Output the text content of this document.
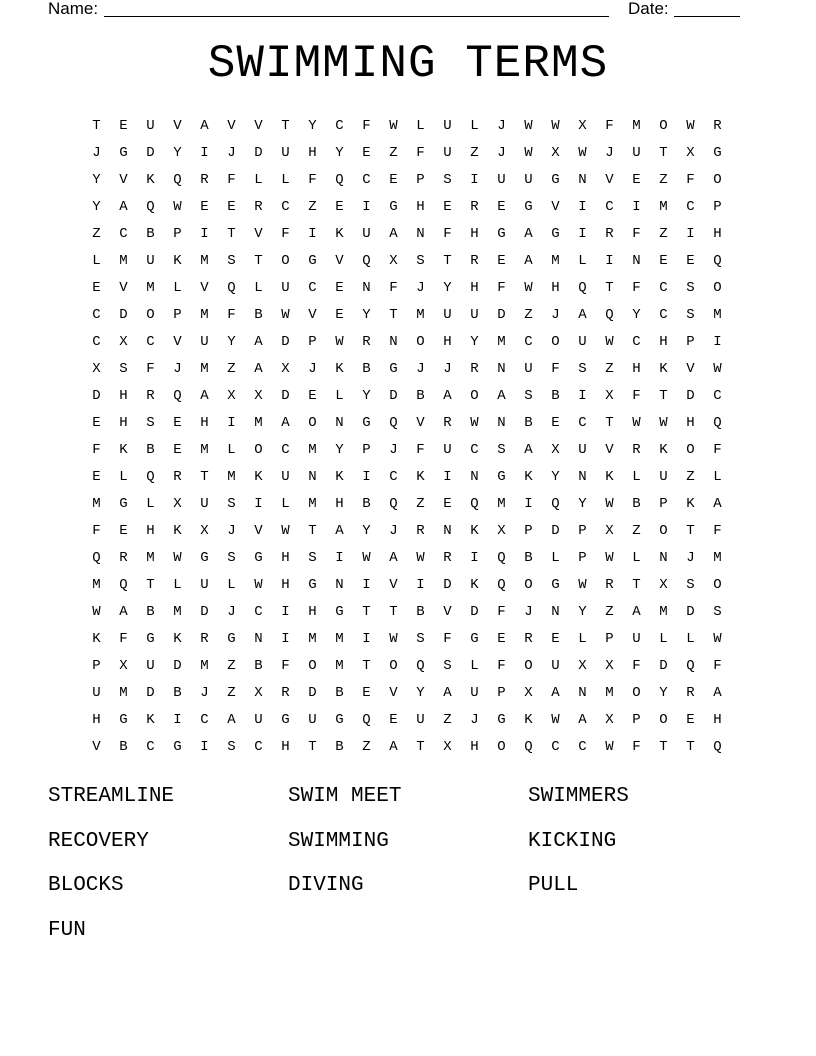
Name:	Date:
SWIMMING TERMS
T	E	U	V	A	V	V	T	Y	C	F	W	L	U	L	J	W	W	X	F	M	O	W	R
J	G	D	Y	I	J	D	U	H	Y	E	Z	F	U	Z	J	W	X	W	J	U	T	X	G
Y	V	K	Q	R	F	L	L	F	Q	C	E	P	S	I	U	U	G	N	V	E	Z	F	O
Y	A	Q	W	E	E	R	C	Z	E	I	G	H	E	R	E	G	V	I	C	I	M	C	P
Z	C	B	P	I	T	V	F	I	K	U	A	N	F	H	G	A	G	I	R	F	Z	I	H
L	M	U	K	M	S	T	O	G	V	Q	X	S	T	R	E	A	M	L	I	N	E	E	Q
E	V	M	L	V	Q	L	U	C	E	N	F	J	Y	H	F	W	H	Q	T	F	C	S	O
C	D	O	P	M	F	B	W	V	E	Y	T	M	U	U	D	Z	J	A	Q	Y	C	S	M
C	X	C	V	U	Y	A	D	P	W	R	N	O	H	Y	M	C	O	U	W	C	H	P	I
X	S	F	J	M	Z	A	X	J	K	B	G	J	J	R	N	U	F	S	Z	H	K	V	W
D	H	R	Q	A	X	X	D	E	L	Y	D	B	A	O	A	S	B	I	X	F	T	D	C
E	H	S	E	H	I	M	A	O	N	G	Q	V	R	W	N	B	E	C	T	W	W	H	Q
F	K	B	E	M	L	O	C	M	Y	P	J	F	U	C	S	A	X	U	V	R	K	O	F
E	L	Q	R	T	M	K	U	N	K	I	C	K	I	N	G	K	Y	N	K	L	U	Z	L
M	G	L	X	U	S	I	L	M	H	B	Q	Z	E	Q	M	I	Q	Y	W	B	P	K	A
F	E	H	K	X	J	V	W	T	A	Y	J	R	N	K	X	P	D	P	X	Z	O	T	F
Q	R	M	W	G	S	G	H	S	I	W	A	W	R	I	Q	B	L	P	W	L	N	J	M
M	Q	T	L	U	L	W	H	G	N	I	V	I	D	K	Q	O	G	W	R	T	X	S	O
W	A	B	M	D	J	C	I	H	G	T	T	B	V	D	F	J	N	Y	Z	A	M	D	S
K	F	G	K	R	G	N	I	M	M	I	W	S	F	G	E	R	E	L	P	U	L	L	W
P	X	U	D	M	Z	B	F	O	M	T	O	Q	S	L	F	O	U	X	X	F	D	Q	F
U	M	D	B	J	Z	X	R	D	B	E	V	Y	A	U	P	X	A	N	M	O	Y	R	A
H	G	K	I	C	A	U	G	U	G	Q	E	U	Z	J	G	K	W	A	X	P	O	E	H
V	B	C	G	I	S	C	H	T	B	Z	A	T	X	H	O	Q	C	C	W	F	T	T	Q
STREAMLINE	SWIM MEET	SWIMMERS
RECOVERY	SWIMMING	KICKING
BLOCKS	DIVING	PULL
FUN
